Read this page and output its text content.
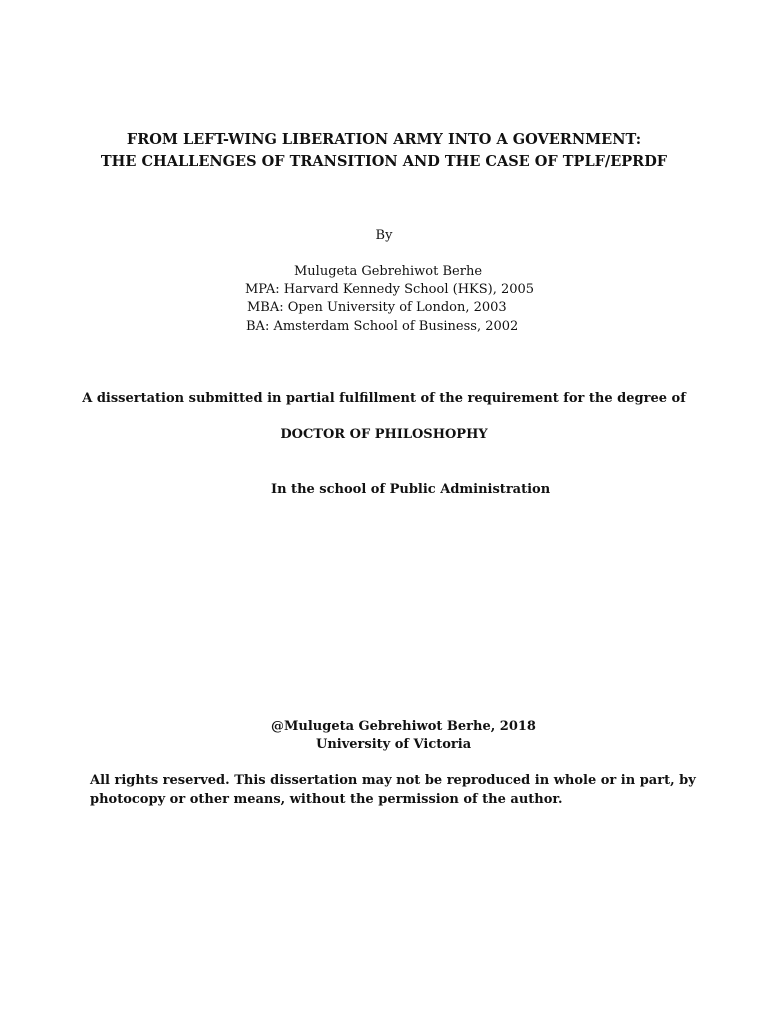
FROM LEFT-WING LIBERATION ARMY INTO A GOVERNMENT:

THE CHALLENGES OF TRANSITION AND THE CASE OF TPLF/EPRDF

By

Mulugeta Gebrehiwot Berhe

MPA: Harvard Kennedy School (HKS), 2005

MBA: Open University of London, 2003

BA: Amsterdam School of Business, 2002

A dissertation submitted in partial fulfillment of the requirement for the degree of

DOCTOR OF PHILOSHOPHY

In the school of Public Administration

@Mulugeta Gebrehiwot Berhe, 2018

University of Victoria

All rights reserved. This dissertation may not be reproduced in whole or in part, by

photocopy or other means, without the permission of the author.
